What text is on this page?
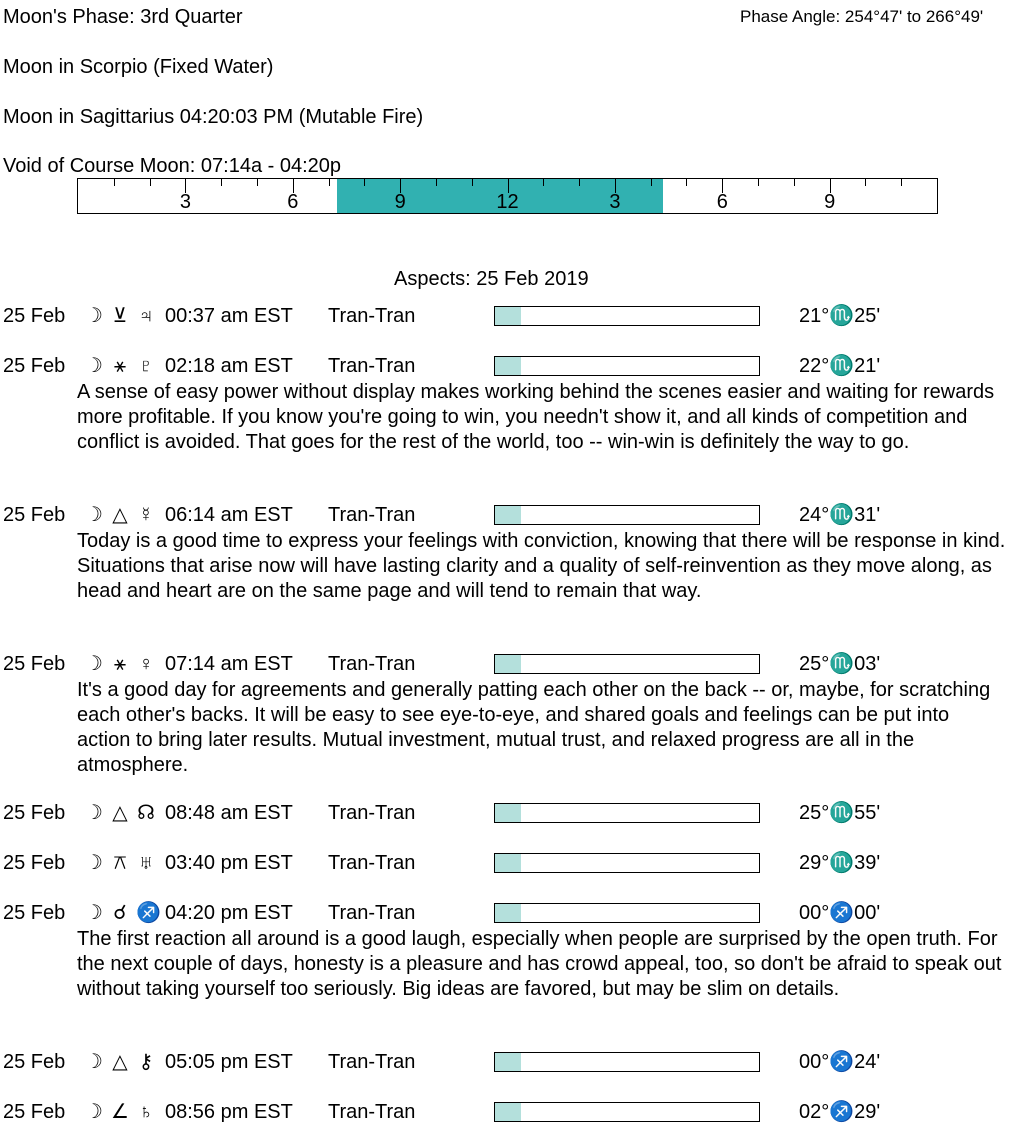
Moon's Phase: 3rd Quarter	Phase Angle: 254°47' to 266°49'
Moon in Scorpio (Fixed Water)
Moon in Sagittarius 04:20:03 PM (Mutable Fire)
Void of Course Moon: 07:14a - 04:20p
3	6	9	12	3	6	9
Aspects: 25 Feb 2019
25 Feb ☽ ⊻ ♃ 00:37 am EST Tran-Tran	21°♏25'
25 Feb ☽ ⚹ ♇ 02:18 am EST Tran-Tran	22°♏21'
A sense of easy power without display makes working behind the scenes easier and waiting for rewards more profitable. If you know you're going to win, you needn't show it, and all kinds of competition and conflict is avoided. That goes for the rest of the world, too -- win-win is definitely the way to go.
25 Feb ☽ △ ☿ 06:14 am EST Tran-Tran	24°♏31'
Today is a good time to express your feelings with conviction, knowing that there will be response in kind. Situations that arise now will have lasting clarity and a quality of self-reinvention as they move along, as head and heart are on the same page and will tend to remain that way.
25 Feb ☽ ⚹ ♀ 07:14 am EST Tran-Tran	25°♏03'
It's a good day for agreements and generally patting each other on the back -- or, maybe, for scratching each other's backs. It will be easy to see eye-to-eye, and shared goals and feelings can be put into action to bring later results. Mutual investment, mutual trust, and relaxed progress are all in the atmosphere.
25 Feb ☽ △ ☊ 08:48 am EST Tran-Tran	25°♏55'
25 Feb ☽ ⚻ ♅ 03:40 pm EST Tran-Tran	29°♏39'
25 Feb ☽ ☌ ♐ 04:20 pm EST Tran-Tran	00°♐00'
The first reaction all around is a good laugh, especially when people are surprised by the open truth. For the next couple of days, honesty is a pleasure and has crowd appeal, too, so don't be afraid to speak out without taking yourself too seriously. Big ideas are favored, but may be slim on details.
25 Feb ☽ △ ⚷ 05:05 pm EST Tran-Tran	00°♐24'
25 Feb ☽ ∠ ♄ 08:56 pm EST Tran-Tran	02°♐29'
